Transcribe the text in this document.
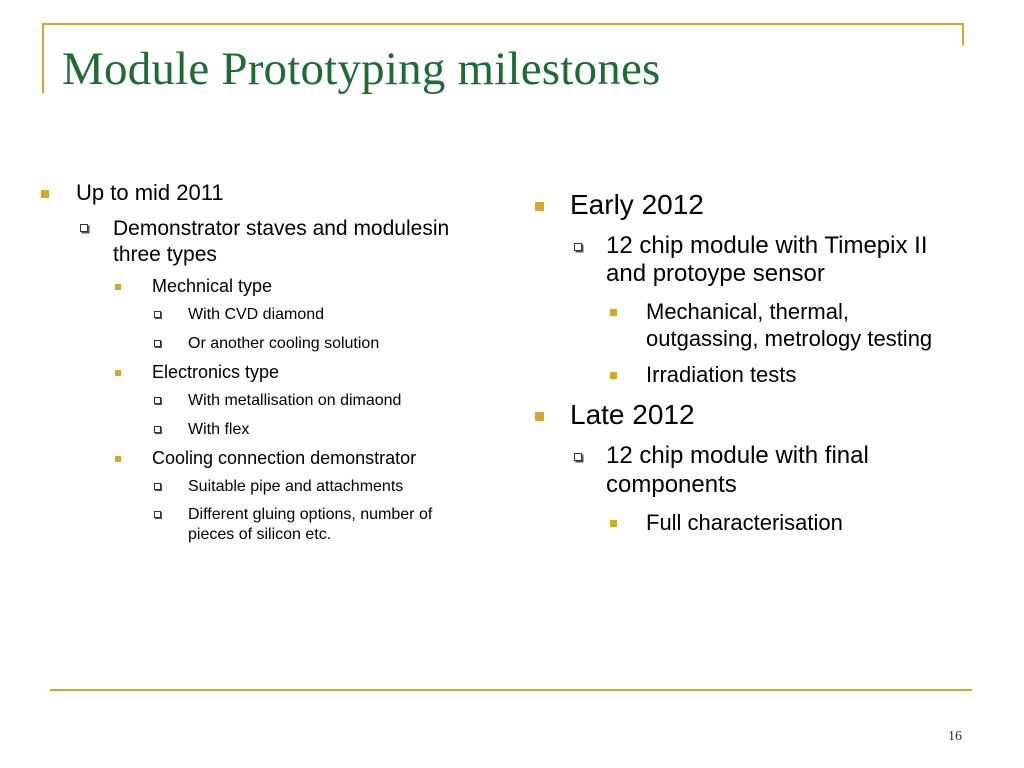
Module Prototyping milestones
Up to mid 2011
Demonstrator staves and modulesin three types
Mechnical type
With CVD diamond
Or another cooling solution
Electronics type
With metallisation on dimaond
With flex
Cooling connection demonstrator
Suitable pipe and attachments
Different gluing options, number of pieces of silicon etc.
Early 2012
12 chip module with Timepix II and protoype sensor
Mechanical, thermal, outgassing, metrology testing
Irradiation tests
Late 2012
12 chip module with final components
Full characterisation
16
